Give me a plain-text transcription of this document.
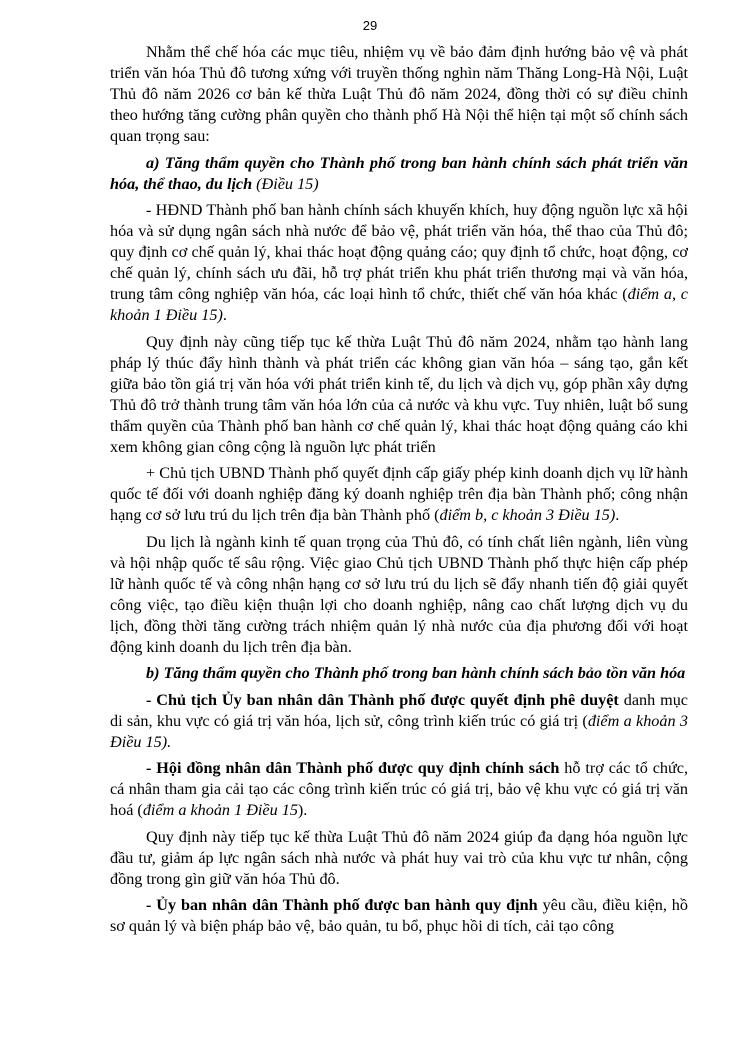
29

Nhằm thể chế hóa các mục tiêu, nhiệm vụ về bảo đảm định hướng bảo vệ và phát triển văn hóa Thủ đô tương xứng với truyền thống nghìn năm Thăng Long-Hà Nội, Luật Thủ đô năm 2026 cơ bản kế thừa Luật Thủ đô năm 2024, đồng thời có sự điều chỉnh theo hướng tăng cường phân quyền cho thành phố Hà Nội thể hiện tại một số chính sách quan trọng sau:

a) Tăng thẩm quyền cho Thành phố trong ban hành chính sách phát triển văn hóa, thể thao, du lịch (Điều 15)

- HĐND Thành phố ban hành chính sách khuyến khích, huy động nguồn lực xã hội hóa và sử dụng ngân sách nhà nước để bảo vệ, phát triển văn hóa, thể thao của Thủ đô; quy định cơ chế quản lý, khai thác hoạt động quảng cáo; quy định tổ chức, hoạt động, cơ chế quản lý, chính sách ưu đãi, hỗ trợ phát triển khu phát triển thương mại và văn hóa, trung tâm công nghiệp văn hóa, các loại hình tổ chức, thiết chế văn hóa khác (điểm a, c khoản 1 Điều 15).

Quy định này cũng tiếp tục kế thừa Luật Thủ đô năm 2024, nhằm tạo hành lang pháp lý thúc đẩy hình thành và phát triển các không gian văn hóa – sáng tạo, gắn kết giữa bảo tồn giá trị văn hóa với phát triển kinh tế, du lịch và dịch vụ, góp phần xây dựng Thủ đô trở thành trung tâm văn hóa lớn của cả nước và khu vực. Tuy nhiên, luật bổ sung thẩm quyền của Thành phố ban hành cơ chế quản lý, khai thác hoạt động quảng cáo khi xem không gian công cộng là nguồn lực phát triển

+ Chủ tịch UBND Thành phố quyết định cấp giấy phép kinh doanh dịch vụ lữ hành quốc tế đối với doanh nghiệp đăng ký doanh nghiệp trên địa bàn Thành phố; công nhận hạng cơ sở lưu trú du lịch trên địa bàn Thành phố (điểm b, c khoản 3 Điều 15).

Du lịch là ngành kinh tế quan trọng của Thủ đô, có tính chất liên ngành, liên vùng và hội nhập quốc tế sâu rộng. Việc giao Chủ tịch UBND Thành phố thực hiện cấp phép lữ hành quốc tế và công nhận hạng cơ sở lưu trú du lịch sẽ đẩy nhanh tiến độ giải quyết công việc, tạo điều kiện thuận lợi cho doanh nghiệp, nâng cao chất lượng dịch vụ du lịch, đồng thời tăng cường trách nhiệm quản lý nhà nước của địa phương đối với hoạt động kinh doanh du lịch trên địa bàn.

b) Tăng thẩm quyền cho Thành phố trong ban hành chính sách bảo tồn văn hóa

- Chủ tịch Ủy ban nhân dân Thành phố được quyết định phê duyệt danh mục di sản, khu vực có giá trị văn hóa, lịch sử, công trình kiến trúc có giá trị (điểm a khoản 3 Điều 15).

- Hội đồng nhân dân Thành phố được quy định chính sách hỗ trợ các tổ chức, cá nhân tham gia cải tạo các công trình kiến trúc có giá trị, bảo vệ khu vực có giá trị văn hoá (điểm a khoản 1 Điều 15).

Quy định này tiếp tục kế thừa Luật Thủ đô năm 2024 giúp đa dạng hóa nguồn lực đầu tư, giảm áp lực ngân sách nhà nước và phát huy vai trò của khu vực tư nhân, cộng đồng trong gìn giữ văn hóa Thủ đô.

- Ủy ban nhân dân Thành phố được ban hành quy định yêu cầu, điều kiện, hồ sơ quản lý và biện pháp bảo vệ, bảo quản, tu bổ, phục hồi di tích, cải tạo công
